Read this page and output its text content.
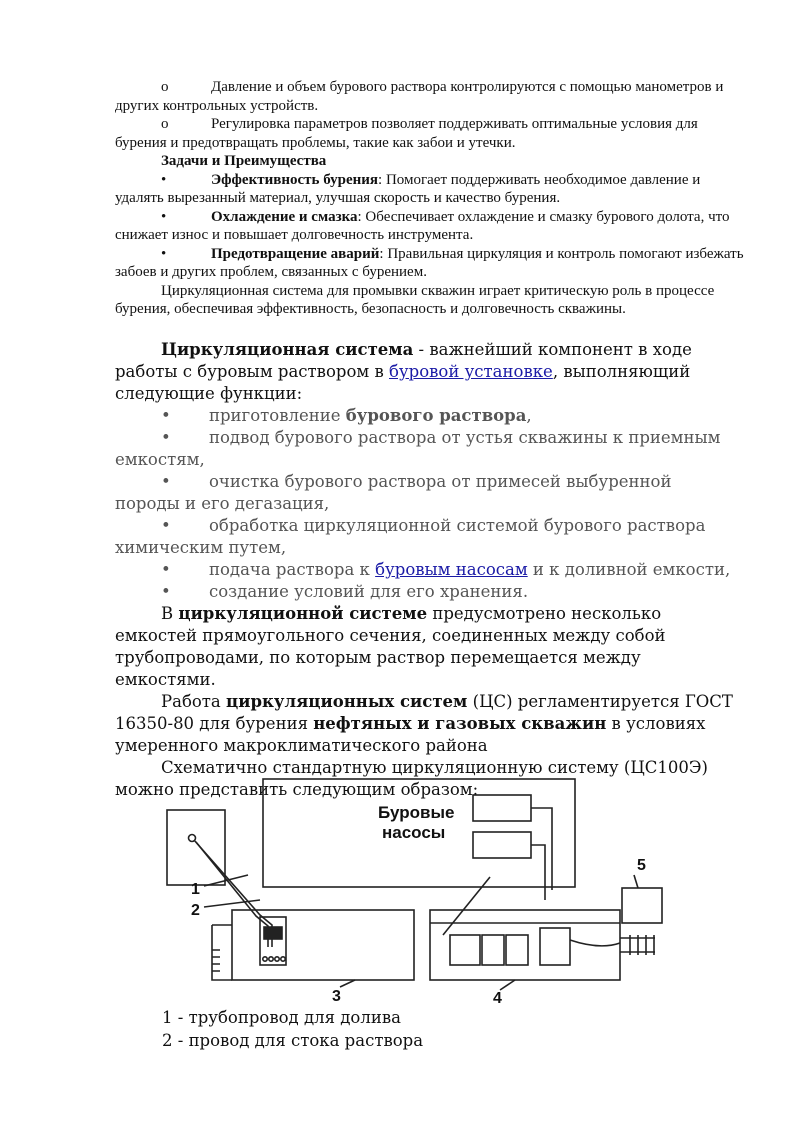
o	Давление и объем бурового раствора контролируются с помощью манометров и других контрольных устройств.

o	Регулировка параметров позволяет поддерживать оптимальные условия для бурения и предотвращать проблемы, такие как забои и утечки.

Задачи и Преимущества

•	Эффективность бурения: Помогает поддерживать необходимое давление и удалять вырезанный материал, улучшая скорость и качество бурения.

•	Охлаждение и смазка: Обеспечивает охлаждение и смазку бурового долота, что снижает износ и повышает долговечность инструмента.

•	Предотвращение аварий: Правильная циркуляция и контроль помогают избежать забоев и других проблем, связанных с бурением.

Циркуляционная система для промывки скважин играет критическую роль в процессе бурения, обеспечивая эффективность, безопасность и долговечность скважины.

Циркуляционная система - важнейший компонент в ходе работы с буровым раствором в буровой установке, выполняющий следующие функции:

• приготовление бурового раствора,

• подвод бурового раствора от устья скважины к приемным емкостям,

• очистка бурового раствора от примесей выбуренной породы и его дегазация,

• обработка циркуляционной системой бурового раствора химическим путем,

• подача раствора к буровым насосам и к доливной емкости,

• создание условий для его хранения.

В циркуляционной системе предусмотрено несколько емкостей прямоугольного сечения, соединенных между собой трубопроводами, по которым раствор перемещается между емкостями.

Работа циркуляционных систем (ЦС) регламентируется ГОСТ 16350-80 для бурения нефтяных и газовых скважин в условиях умеренного макроклиматического района

Схематично стандартную циркуляционную систему (ЦС100Э) можно представить следующим образом:

Буровые
насосы
1
2
3	4
5

1 - трубопровод для долива

2 - провод для стока раствора
